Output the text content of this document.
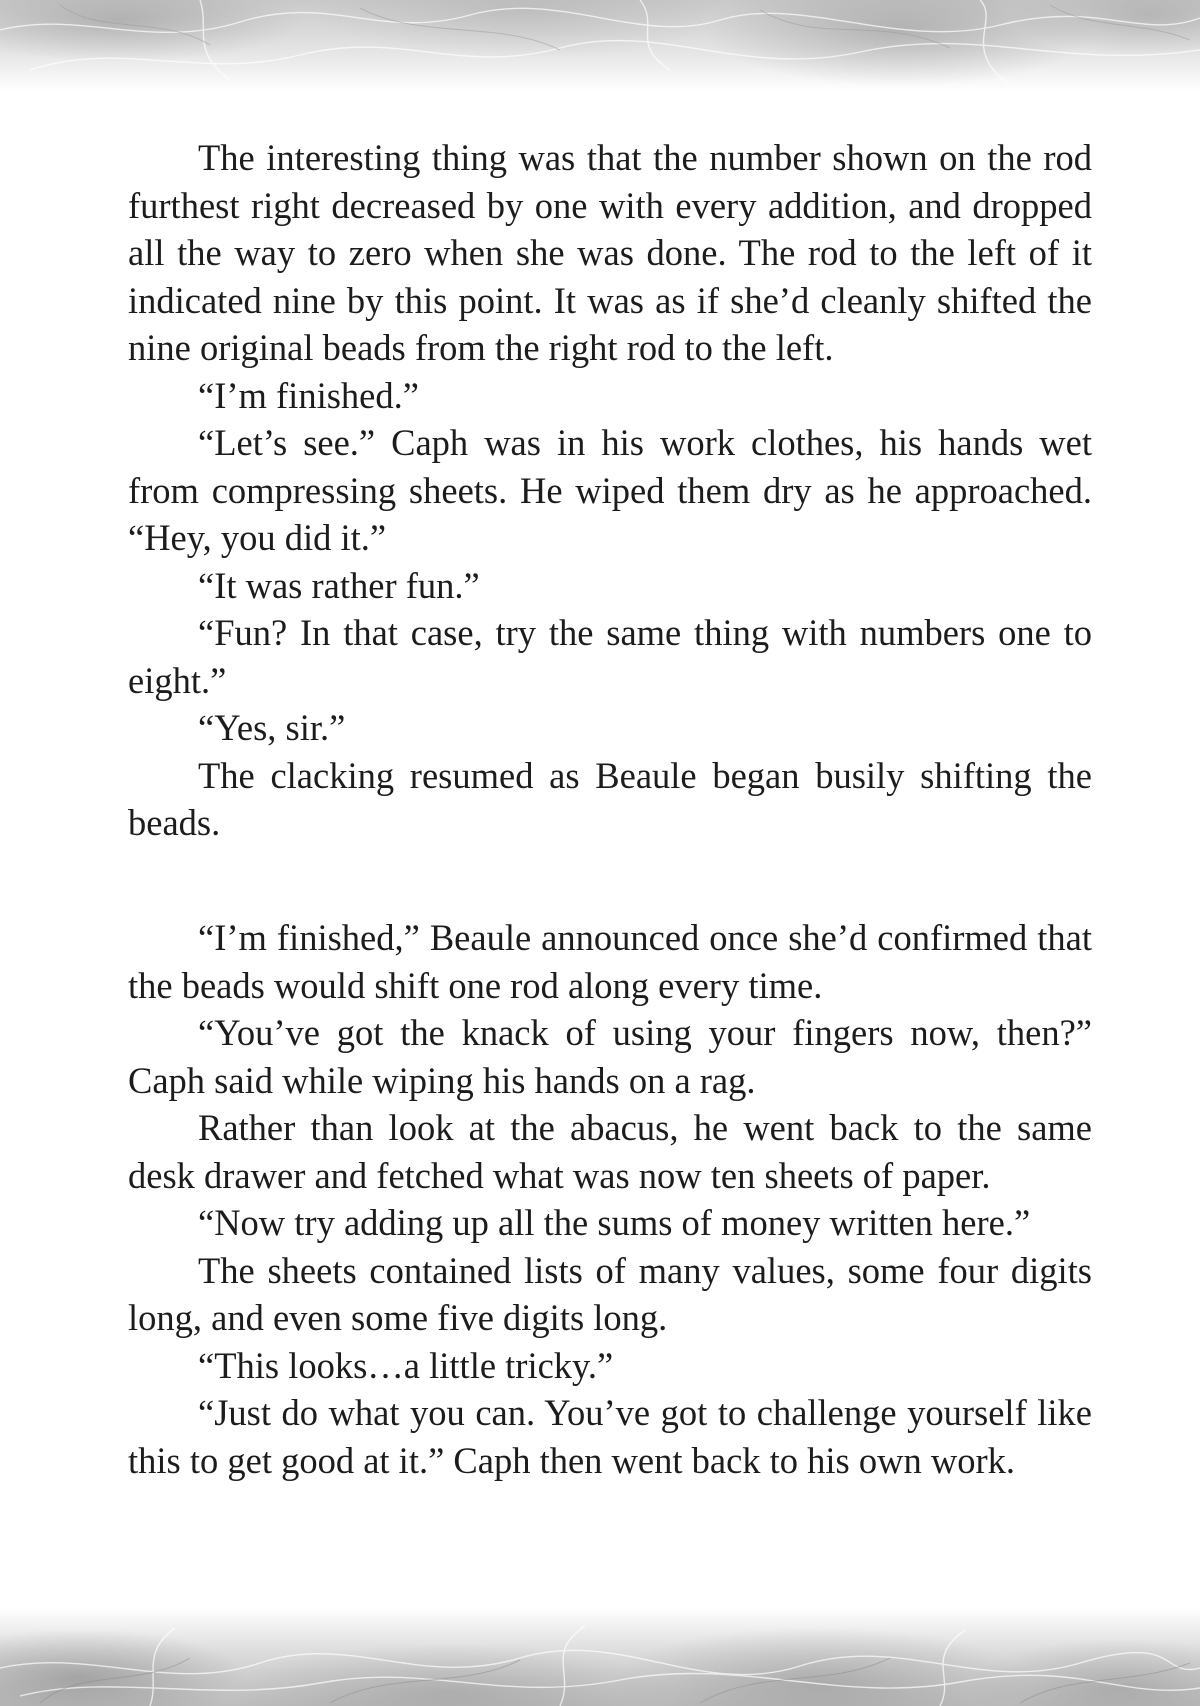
The interesting thing was that the number shown on the rod furthest right decreased by one with every addition, and dropped all the way to zero when she was done. The rod to the left of it indicated nine by this point. It was as if she’d cleanly shifted the nine original beads from the right rod to the left.

“I’m finished.”

“Let’s see.” Caph was in his work clothes, his hands wet from compressing sheets. He wiped them dry as he approached. “Hey, you did it.”

“It was rather fun.”

“Fun? In that case, try the same thing with numbers one to eight.”

“Yes, sir.”

The clacking resumed as Beaule began busily shifting the beads.

“I’m finished,” Beaule announced once she’d confirmed that the beads would shift one rod along every time.

“You’ve got the knack of using your fingers now, then?” Caph said while wiping his hands on a rag.

Rather than look at the abacus, he went back to the same desk drawer and fetched what was now ten sheets of paper.

“Now try adding up all the sums of money written here.”

The sheets contained lists of many values, some four digits long, and even some five digits long.

“This looks…a little tricky.”

“Just do what you can. You’ve got to challenge yourself like this to get good at it.” Caph then went back to his own work.
